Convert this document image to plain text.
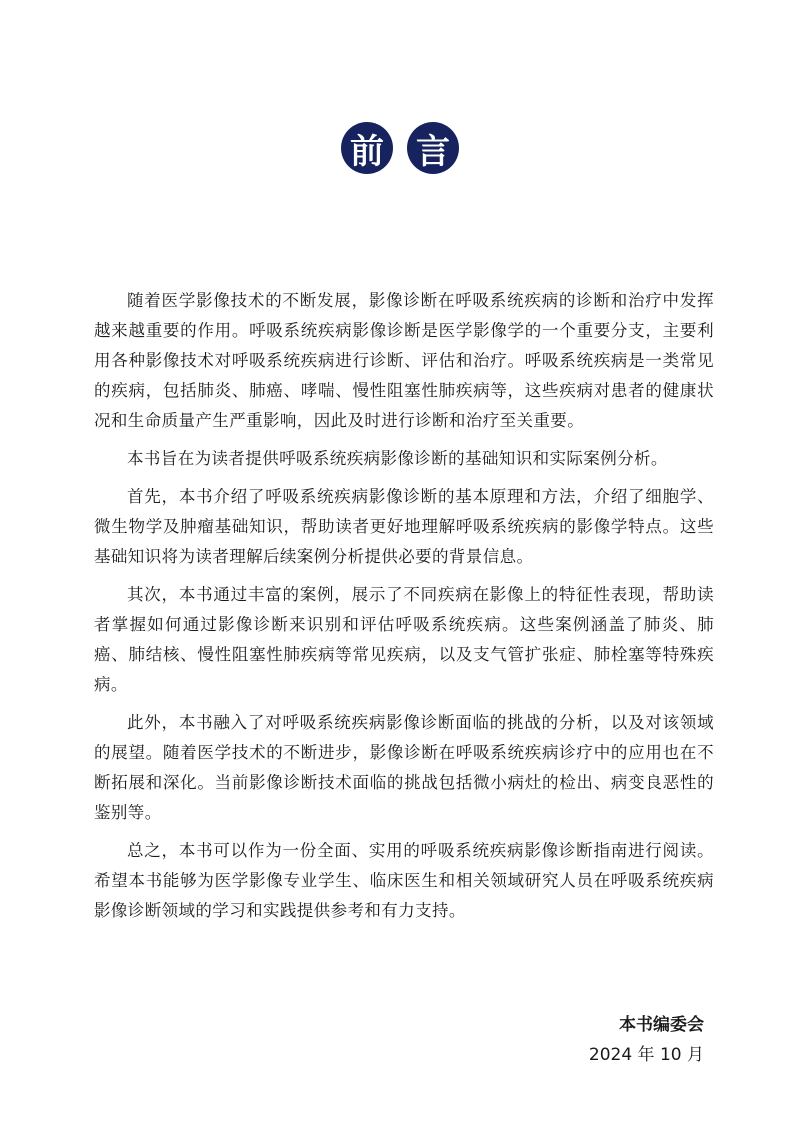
前 言

随着医学影像技术的不断发展，影像诊断在呼吸系统疾病的诊断和治疗中发挥越来越重要的作用。呼吸系统疾病影像诊断是医学影像学的一个重要分支，主要利用各种影像技术对呼吸系统疾病进行诊断、评估和治疗。呼吸系统疾病是一类常见的疾病，包括肺炎、肺癌、哮喘、慢性阻塞性肺疾病等，这些疾病对患者的健康状况和生命质量产生严重影响，因此及时进行诊断和治疗至关重要。

本书旨在为读者提供呼吸系统疾病影像诊断的基础知识和实际案例分析。

首先，本书介绍了呼吸系统疾病影像诊断的基本原理和方法，介绍了细胞学、微生物学及肿瘤基础知识，帮助读者更好地理解呼吸系统疾病的影像学特点。这些基础知识将为读者理解后续案例分析提供必要的背景信息。

其次，本书通过丰富的案例，展示了不同疾病在影像上的特征性表现，帮助读者掌握如何通过影像诊断来识别和评估呼吸系统疾病。这些案例涵盖了肺炎、肺癌、肺结核、慢性阻塞性肺疾病等常见疾病，以及支气管扩张症、肺栓塞等特殊疾病。

此外，本书融入了对呼吸系统疾病影像诊断面临的挑战的分析，以及对该领域的展望。随着医学技术的不断进步，影像诊断在呼吸系统疾病诊疗中的应用也在不断拓展和深化。当前影像诊断技术面临的挑战包括微小病灶的检出、病变良恶性的鉴别等。

总之，本书可以作为一份全面、实用的呼吸系统疾病影像诊断指南进行阅读。希望本书能够为医学影像专业学生、临床医生和相关领域研究人员在呼吸系统疾病影像诊断领域的学习和实践提供参考和有力支持。

本书编委会
2024 年 10 月
